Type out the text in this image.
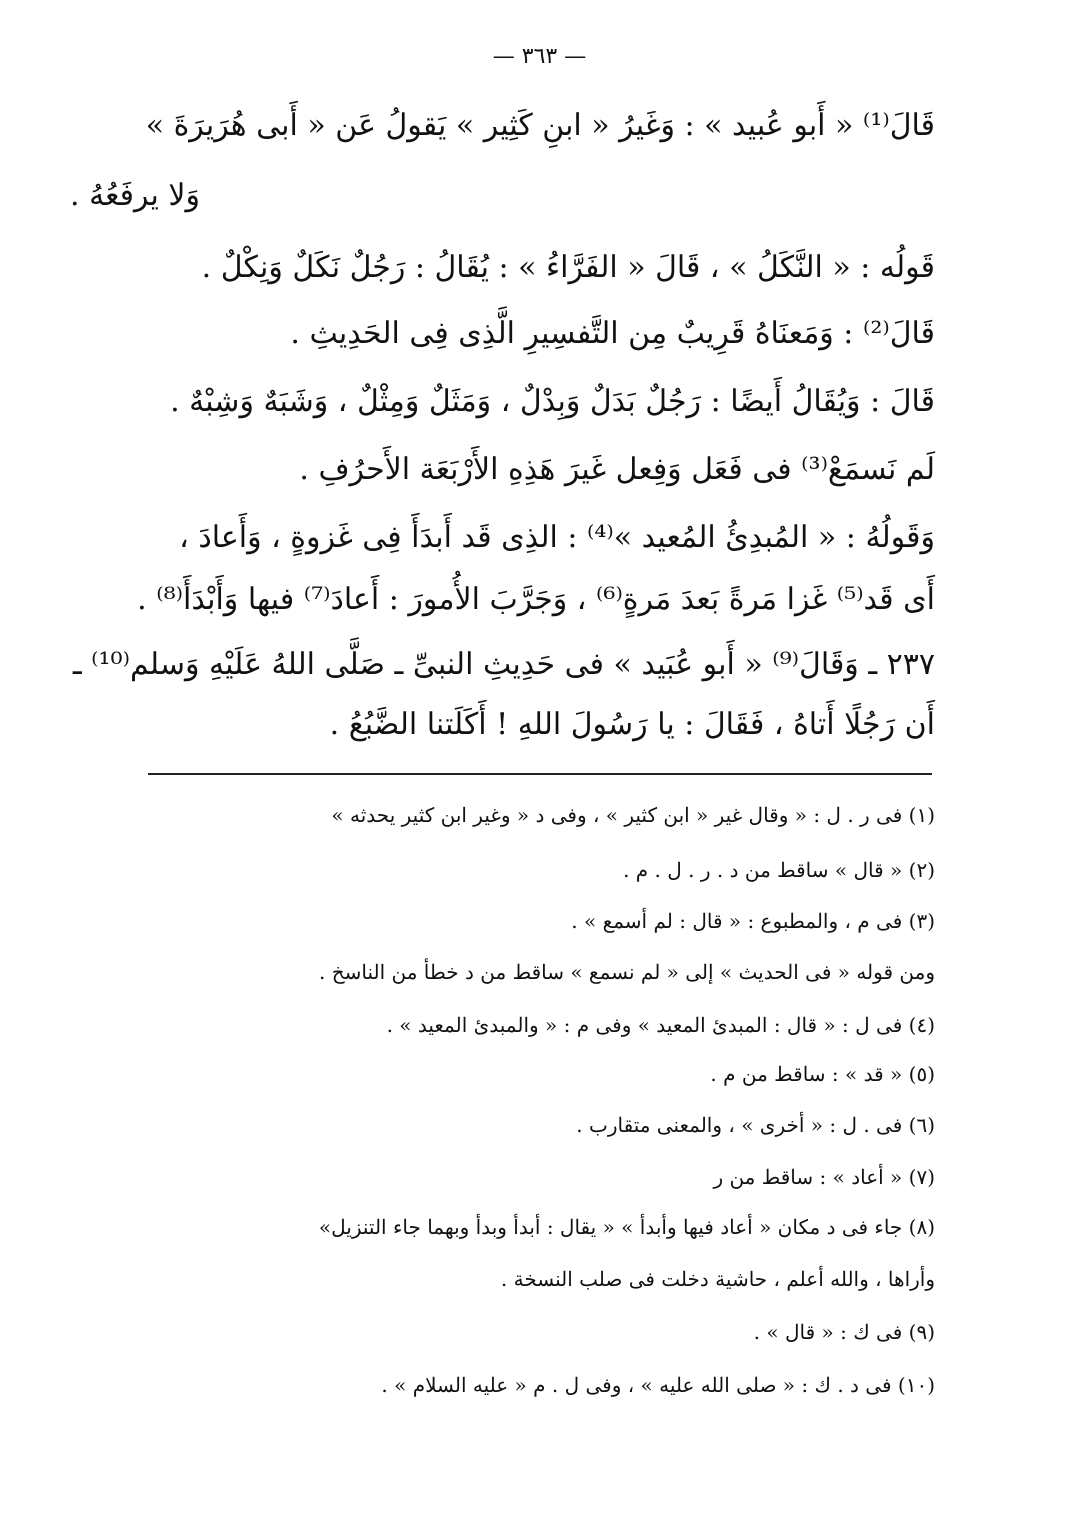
— ٣٦٣ —
قَالَ⁽¹⁾ « أَبو عُبيد » : وَغَيرُ « ابنِ كَثِير » يَقولُ عَن « أَبى هُرَيرَةَ »
وَلا يرفَعُهُ .
قَولُه : « النَّكَلُ » ، قَالَ « الفَرَّاءُ » : يُقَالُ : رَجُلٌ نَكَلٌ وَنِكْلٌ .
قَالَ⁽²⁾ : وَمَعنَاهُ قَرِيبٌ مِن التَّفسِيرِ الَّذِى فِى الحَدِيثِ .
قَالَ : وَيُقَالُ أَيضًا : رَجُلٌ بَدَلٌ وَبِدْلٌ ، وَمَثَلٌ وَمِثْلٌ ، وَشَبَهٌ وَشِبْهٌ .
لَم نَسمَعْ⁽³⁾ فى فَعَل وَفِعل غَيرَ هَذِهِ الأَرْبَعَة الأَحرُفِ .
وَقَولُهُ : « المُبدِئُ المُعيد »⁽⁴⁾ : الذِى قَد أَبدَأَ فِى غَزوةٍ ، وَأَعادَ ،
أَى قَد⁽⁵⁾ غَزا مَرةً بَعدَ مَرةٍ⁽⁶⁾ ، وَجَرَّبَ الأُمورَ : أَعادَ⁽⁷⁾ فيها وَأَبْدَأَ⁽⁸⁾ .
٢٣٧ ـ وَقَالَ⁽⁹⁾ « أَبو عُبَيد » فى حَدِيثِ النبىِّ ـ صَلَّى اللهُ عَلَيْهِ وَسلم⁽¹⁰⁾ ـ
أَن رَجُلًا أَتاهُ ، فَقَالَ : يا رَسُولَ اللهِ ! أَكَلَتنا الضَّبُعُ .
(١) فى ر . ل : « وقال غير « ابن كثير » ، وفى د « وغير ابن كثير يحدثه »
(٢) « قال » ساقط من د . ر . ل . م .
(٣) فى م ، والمطبوع : « قال : لم أسمع » .
ومن قوله « فى الحديث » إلى « لم نسمع » ساقط من د خطأ من الناسخ .
(٤) فى ل : « قال : المبدئ المعيد » وفى م : « والمبدئ المعيد » .
(٥) « قد » : ساقط من م .
(٦) فى . ل : « أخرى » ، والمعنى متقارب .
(٧) « أعاد » : ساقط من ر
(٨) جاء فى د مكان « أعاد فيها وأبدأ » « يقال : أبدأ وبدأ وبهما جاء التنزيل»
وأراها ، والله أعلم ، حاشية دخلت فى صلب النسخة .
(٩) فى ك : « قال » .
(١٠) فى د . ك : « صلى الله عليه » ، وفى ل . م « عليه السلام » .
